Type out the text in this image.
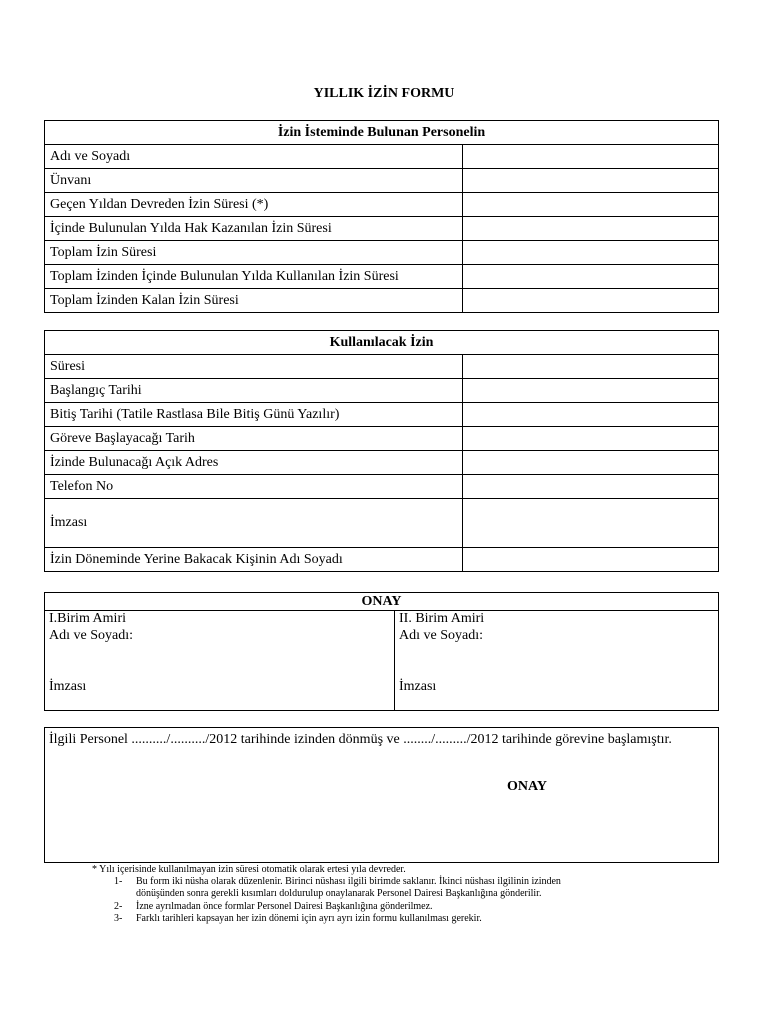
YILLIK İZİN FORMU
İzin İsteminde Bulunan Personelin	
Adı ve Soyadı	
Ünvanı	
Geçen Yıldan Devreden İzin Süresi (*)	
İçinde Bulunulan Yılda Hak Kazanılan İzin Süresi	
Toplam İzin Süresi	
Toplam İzinden İçinde Bulunulan Yılda Kullanılan İzin Süresi	
Toplam İzinden Kalan İzin Süresi	
Kullanılacak İzin	
Süresi	
Başlangıç Tarihi	
Bitiş Tarihi (Tatile Rastlasa Bile Bitiş Günü Yazılır)	
Göreve Başlayacağı Tarih	
İzinde Bulunacağı Açık Adres	
Telefon No	
İmzası	
İzin Döneminde Yerine Bakacak Kişinin Adı Soyadı	
ONAY
I.Birim Amiri
Adı ve Soyadı:
İmzası
II. Birim Amiri
Adı ve Soyadı:
İmzası
İlgili Personel ........../........../2012 tarihinde izinden dönmüş ve ......../........./2012 tarihinde görevine başlamıştır.
ONAY
* Yılı içerisinde kullanılmayan izin süresi otomatik olarak ertesi yıla devreder.
1- Bu form iki nüsha olarak düzenlenir. Birinci nüshası ilgili birimde saklanır. İkinci nüshası ilgilinin izinden
dönüşünden sonra gerekli kısımları doldurulup onaylanarak Personel Dairesi Başkanlığına gönderilir.
2- İzne ayrılmadan önce formlar Personel Dairesi Başkanlığına gönderilmez.
3- Farklı tarihleri kapsayan her izin dönemi için ayrı ayrı izin formu kullanılması gerekir.
